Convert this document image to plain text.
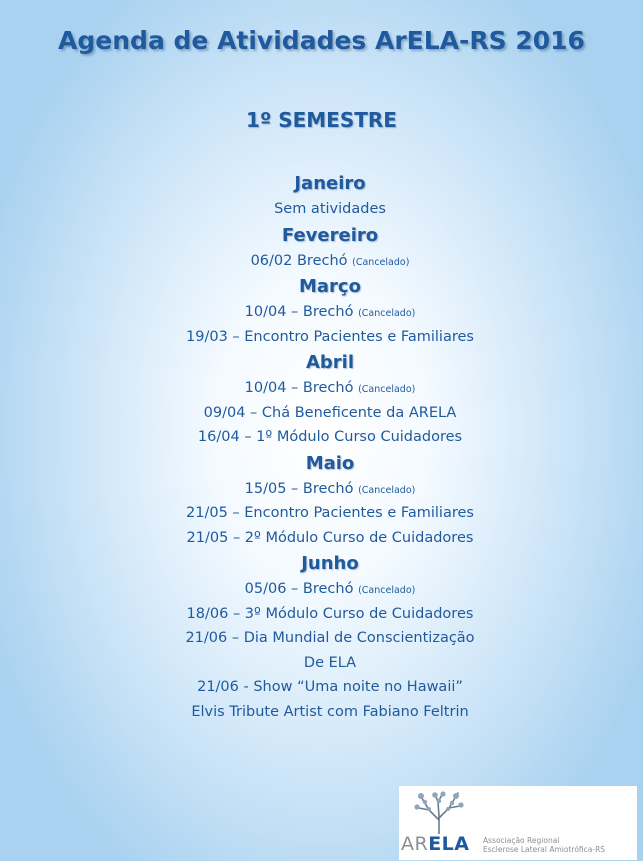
Agenda de Atividades ArELA-RS 2016
1º SEMESTRE
Janeiro
Sem atividades
Fevereiro
06/02 Brechó (Cancelado)
Março
10/04 – Brechó (Cancelado)
19/03 – Encontro Pacientes e Familiares
Abril
10/04 – Brechó (Cancelado)
09/04 – Chá Beneficente da ARELA
16/04 – 1º Módulo Curso Cuidadores
Maio
15/05 – Brechó (Cancelado)
21/05 – Encontro Pacientes e Familiares
21/05 – 2º Módulo Curso de Cuidadores
Junho
05/06 – Brechó (Cancelado)
18/06 – 3º Módulo Curso de Cuidadores
21/06 – Dia Mundial de Conscientização
De ELA
21/06 - Show “Uma noite no Hawaii”
Elvis Tribute Artist com Fabiano Feltrin
ARELA Associação Regional
Esclerose Lateral Amiotrófica-RS
